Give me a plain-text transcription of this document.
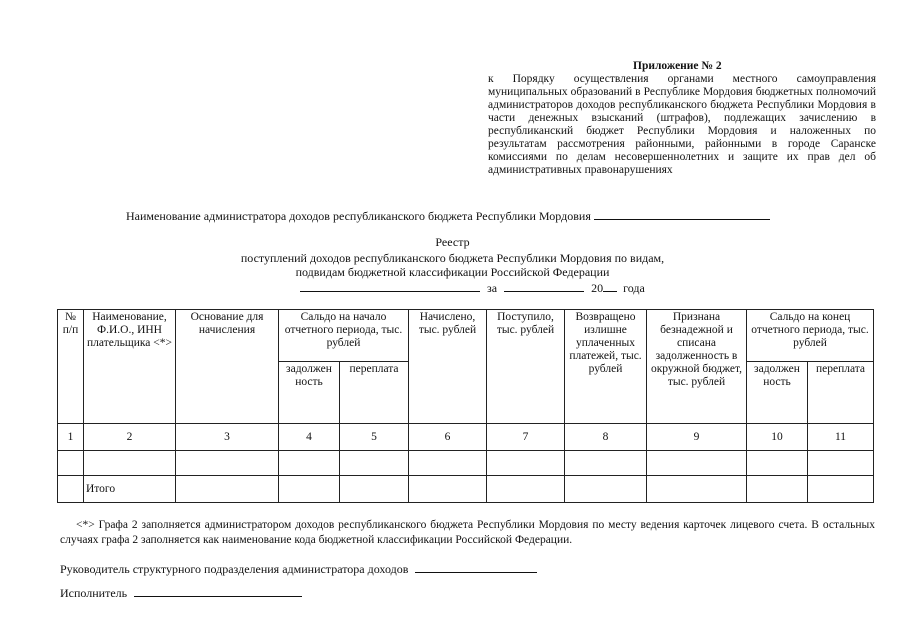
Приложение № 2
к Порядку осуществления органами местного самоуправления муниципальных образований в Республике Мордовия бюджетных полномочий администраторов доходов республиканского бюджета Республики Мордовия в части денежных взысканий (штрафов), подлежащих зачислению в республиканский бюджет Республики Мордовия и наложенных по результатам рассмотрения районными, районными в городе Саранске комиссиями по делам несовершеннолетних и защите их прав дел об административных правонарушениях
Наименование администратора доходов республиканского бюджета Республики Мордовия
Реестр
поступлений доходов республиканского бюджета Республики Мордовия по видам,
подвидам бюджетной классификации Российской Федерации
за	20 года
№ п/п	Наименование, Ф.И.О., ИНН плательщика <*>	Основание для начисления	Сальдо на начало отчетного периода, тыс. рублей		Начислено, тыс. рублей	Поступило, тыс. рублей	Возвращено излишне уплаченных платежей, тыс. рублей	Признана безнадежной и списана задолженность в окружной бюджет, тыс. рублей	Сальдо на конец отчетного периода, тыс. рублей	
			задолжен ность	переплата					задолжен ность	переплата
1	2	3	4	5	6	7	8	9	10	11

	Итого									
<*> Графа 2 заполняется администратором доходов республиканского бюджета Республики Мордовия по месту ведения карточек лицевого счета. В остальных случаях графа 2 заполняется как наименование кода бюджетной классификации Российской Федерации.
Руководитель структурного подразделения администратора доходов
Исполнитель
